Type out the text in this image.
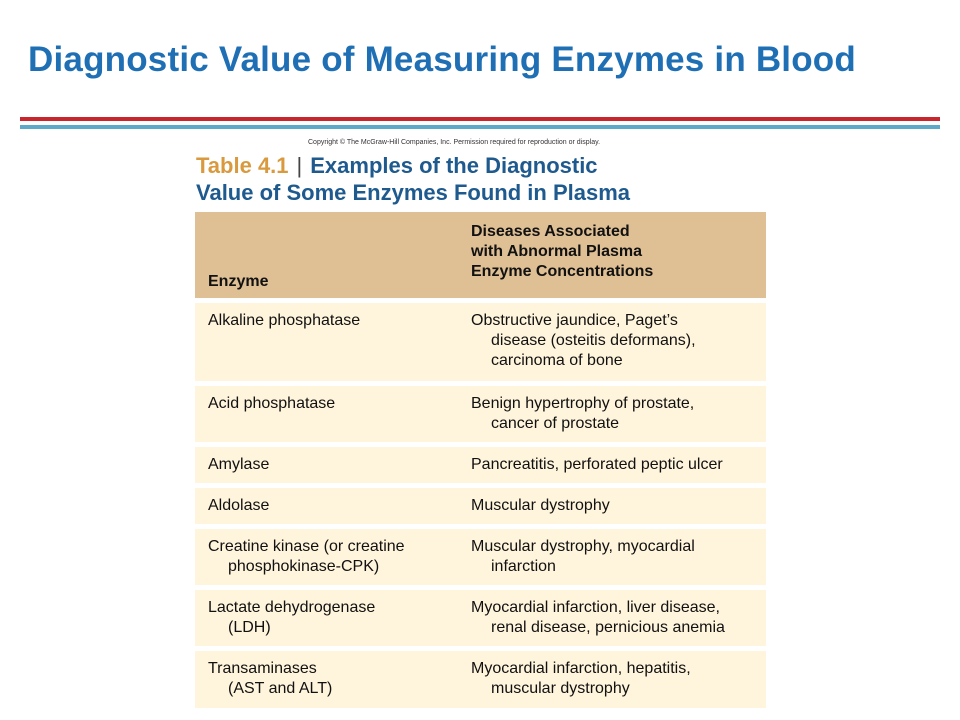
Diagnostic Value of Measuring Enzymes in Blood
Copyright © The McGraw-Hill Companies, Inc. Permission required for reproduction or display.
Table 4.1 | Examples of the Diagnostic
Value of Some Enzymes Found in Plasma
Enzyme	Diseases Associated
with Abnormal Plasma
Enzyme Concentrations

Alkaline phosphatase	Obstructive jaundice, Paget’s
disease (osteitis deformans),
carcinoma of bone

Acid phosphatase	Benign hypertrophy of prostate,
cancer of prostate

Amylase	Pancreatitis, perforated peptic ulcer

Aldolase	Muscular dystrophy

Creatine kinase (or creatine
phosphokinase-CPK)	Muscular dystrophy, myocardial
infarction

Lactate dehydrogenase
(LDH)	Myocardial infarction, liver disease,
renal disease, pernicious anemia

Transaminases
(AST and ALT)	Myocardial infarction, hepatitis,
muscular dystrophy
